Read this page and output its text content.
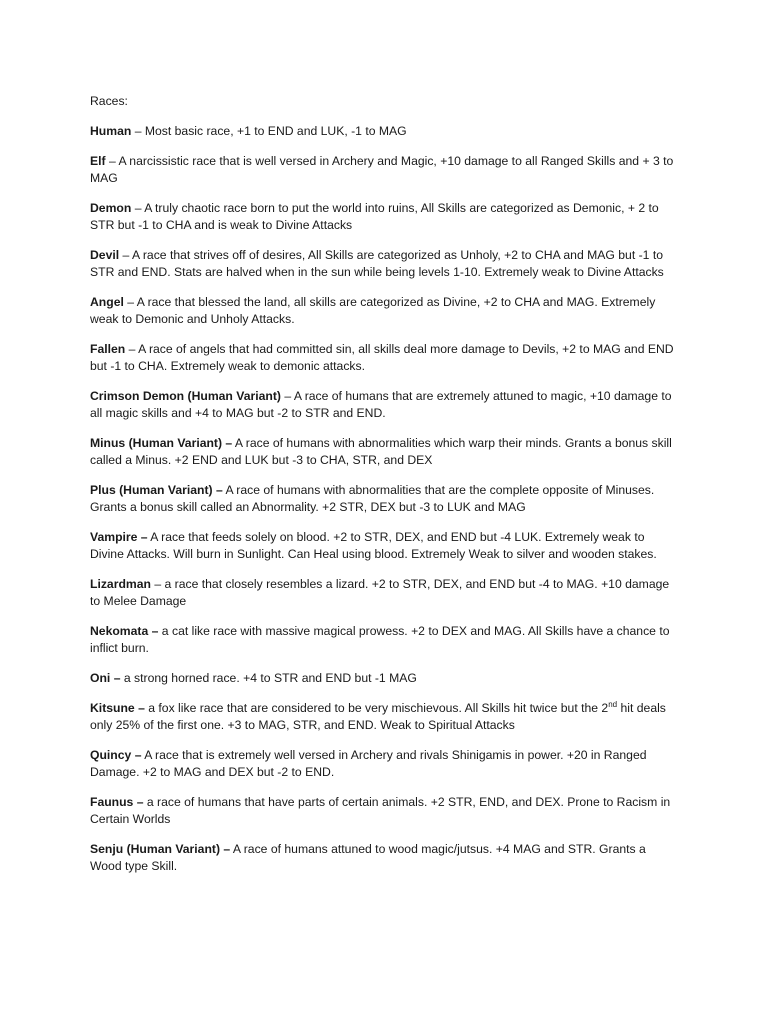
Races:

Human – Most basic race, +1 to END and LUK, -1 to MAG

Elf – A narcissistic race that is well versed in Archery and Magic, +10 damage to all Ranged Skills and + 3 to MAG

Demon – A truly chaotic race born to put the world into ruins, All Skills are categorized as Demonic, + 2 to STR but -1 to CHA and is weak to Divine Attacks

Devil – A race that strives off of desires, All Skills are categorized as Unholy, +2 to CHA and MAG but -1 to STR and END. Stats are halved when in the sun while being levels 1-10. Extremely weak to Divine Attacks

Angel – A race that blessed the land, all skills are categorized as Divine, +2 to CHA and MAG. Extremely weak to Demonic and Unholy Attacks.

Fallen – A race of angels that had committed sin, all skills deal more damage to Devils, +2 to MAG and END but -1 to CHA. Extremely weak to demonic attacks.

Crimson Demon (Human Variant) – A race of humans that are extremely attuned to magic, +10 damage to all magic skills and +4 to MAG but -2 to STR and END.

Minus (Human Variant) – A race of humans with abnormalities which warp their minds. Grants a bonus skill called a Minus. +2 END and LUK but -3 to CHA, STR, and DEX

Plus (Human Variant) – A race of humans with abnormalities that are the complete opposite of Minuses. Grants a bonus skill called an Abnormality. +2 STR, DEX but -3 to LUK and MAG

Vampire – A race that feeds solely on blood. +2 to STR, DEX, and END but -4 LUK. Extremely weak to Divine Attacks. Will burn in Sunlight. Can Heal using blood. Extremely Weak to silver and wooden stakes.

Lizardman – a race that closely resembles a lizard. +2 to STR, DEX, and END but -4 to MAG. +10 damage to Melee Damage

Nekomata – a cat like race with massive magical prowess. +2 to DEX and MAG. All Skills have a chance to inflict burn.

Oni – a strong horned race. +4 to STR and END but -1 MAG

Kitsune – a fox like race that are considered to be very mischievous. All Skills hit twice but the 2nd hit deals only 25% of the first one. +3 to MAG, STR, and END. Weak to Spiritual Attacks

Quincy – A race that is extremely well versed in Archery and rivals Shinigamis in power. +20 in Ranged Damage. +2 to MAG and DEX but -2 to END.

Faunus – a race of humans that have parts of certain animals. +2 STR, END, and DEX. Prone to Racism in Certain Worlds

Senju (Human Variant) – A race of humans attuned to wood magic/jutsus. +4 MAG and STR. Grants a Wood type Skill.
